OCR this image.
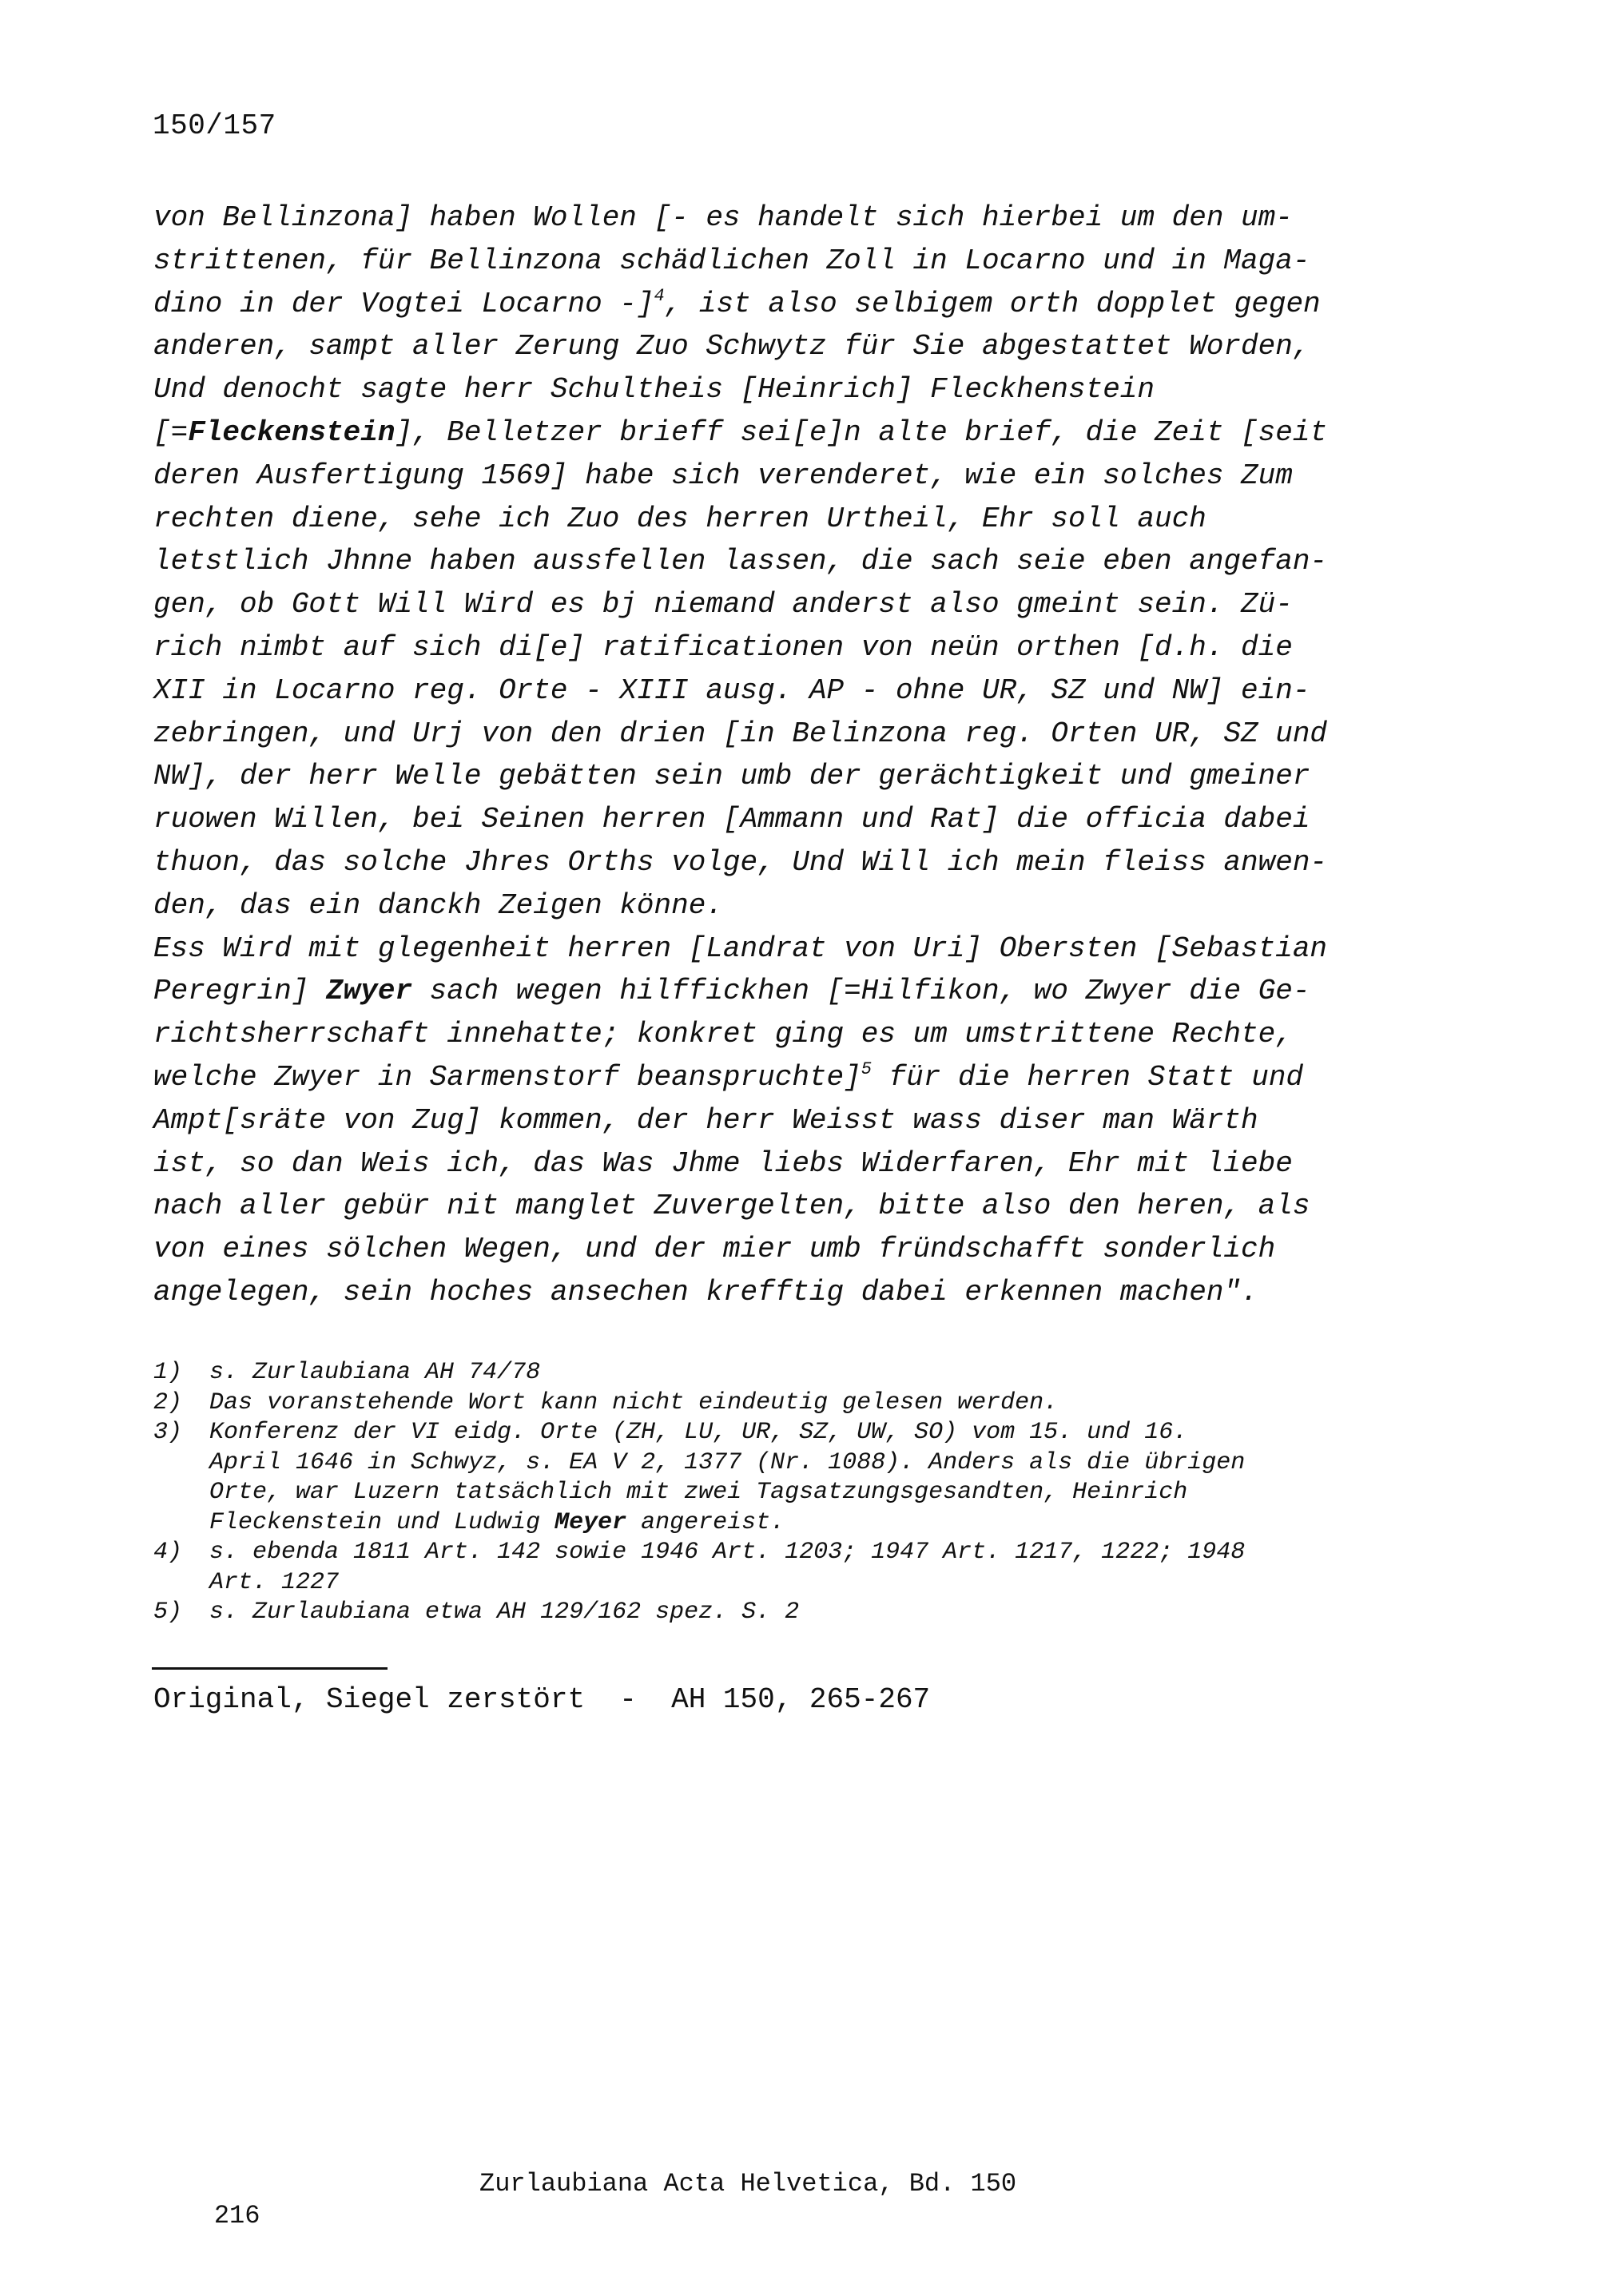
150/157
von Bellinzona] haben Wollen [- es handelt sich hierbei um den um-
strittenen, für Bellinzona schädlichen Zoll in Locarno und in Maga-
dino in der Vogtei Locarno -]$^4$, ist also selbigem orth dopplet gegen
anderen, sampt aller Zerung Zuo Schwytz für Sie abgestattet Worden,
Und denocht sagte herr Schultheis [Heinrich] Fleckhenstein
[=Fleckenstein], Belletzer brieff sei[e]n alte brief, die Zeit [seit
deren Ausfertigung 1569] habe sich verenderet, wie ein solches Zum
rechten diene, sehe ich Zuo des herren Urtheil, Ehr soll auch
letstlich Jhnne haben aussfellen lassen, die sach seie eben angefan-
gen, ob Gott Will Wird es bj niemand anderst also gmeint sein. Zü-
rich nimbt auf sich di[e] ratificationen von neün orthen [d.h. die
XII in Locarno reg. Orte - XIII ausg. AP - ohne UR, SZ und NW] ein-
zebringen, und Urj von den drien [in Belinzona reg. Orten UR, SZ und
NW], der herr Welle gebätten sein umb der gerächtigkeit und gmeiner
ruowen Willen, bei Seinen herren [Ammann und Rat] die officia dabei
thuon, das solche Jhres Orths volge, Und Will ich mein fleiss anwen-
den, das ein danckh Zeigen könne.
Ess Wird mit glegenheit herren [Landrat von Uri] Obersten [Sebastian
Peregrin] Zwyer sach wegen hilffickhen [=Hilfikon, wo Zwyer die Ge-
richtsherrschaft innehatte; konkret ging es um umstrittene Rechte,
welche Zwyer in Sarmenstorf beanspruchte]$^5$ für die herren Statt und
Ampt[sräte von Zug] kommen, der herr Weisst wass diser man Wärth
ist, so dan Weis ich, das Was Jhme liebs Widerfaren, Ehr mit liebe
nach aller gebür nit manglet Zuvergelten, bitte also den heren, als
von eines sölchen Wegen, und der mier umb fründschafft sonderlich
angelegen, sein hoches ansechen krefftig dabei erkennen machen".
1) s. Zurlaubiana AH 74/78
2) Das voranstehende Wort kann nicht eindeutig gelesen werden.
3) Konferenz der VI eidg. Orte (ZH, LU, UR, SZ, UW, SO) vom 15. und 16.
April 1646 in Schwyz, s. EA V 2, 1377 (Nr. 1088). Anders als die übrigen
Orte, war Luzern tatsächlich mit zwei Tagsatzungsgesandten, Heinrich
Fleckenstein und Ludwig Meyer angereist.
4) s. ebenda 1811 Art. 142 sowie 1946 Art. 1203; 1947 Art. 1217, 1222; 1948
Art. 1227
5) s. Zurlaubiana etwa AH 129/162 spez. S. 2
Original, Siegel zerstört  -  AH 150, 265-267

216

Zurlaubiana Acta Helvetica, Bd. 150
